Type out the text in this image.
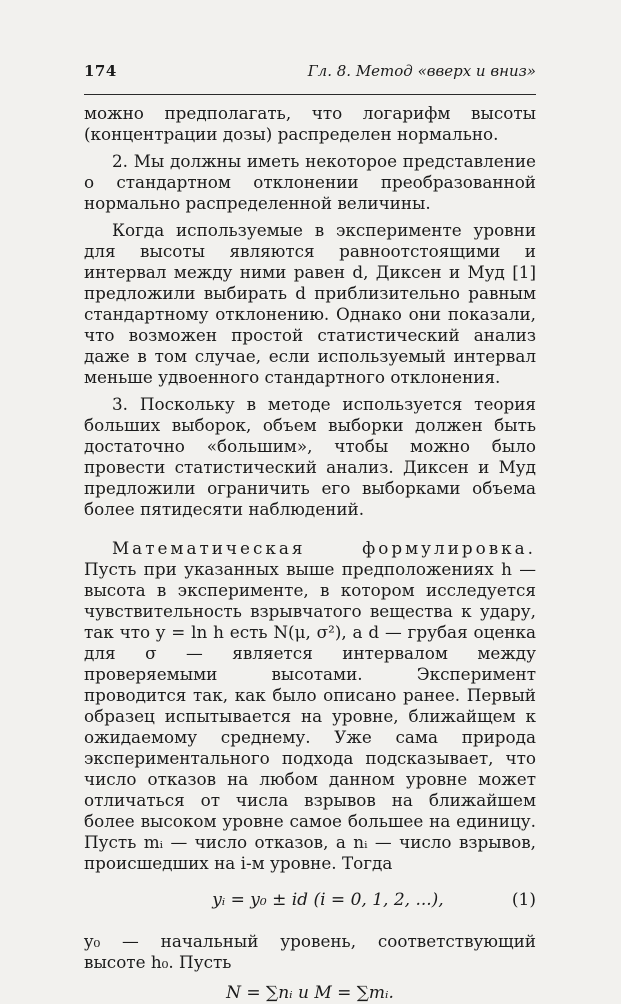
174	Гл. 8. Метод «вверх и вниз»

можно предполагать, что логарифм высоты (концентрации дозы) распределен нормально.

2. Мы должны иметь некоторое представление о стандартном отклонении преобразованной нормально распределенной величины.

Когда используемые в эксперименте уровни для высоты являются равноотстоящими и интервал между ними равен d, Диксен и Муд [1] предложили выбирать d приблизительно равным стандартному отклонению. Однако они показали, что возможен простой статистический анализ даже в том случае, если используемый интервал меньше удвоенного стандартного отклонения.

3. Поскольку в методе используется теория больших выборок, объем выборки должен быть достаточно «большим», чтобы можно было провести статистический анализ. Диксен и Муд предложили ограничить его выборками объема более пятидесяти наблюдений.

Математическая формулировка. Пусть при указанных выше предположениях h — высота в эксперименте, в котором исследуется чувствительность взрывчатого вещества к удару, так что y = ln h есть N(μ, σ²), а d — грубая оценка для σ — является интервалом между проверяемыми высотами. Эксперимент проводится так, как было описано ранее. Первый образец испытывается на уровне, ближайщем к ожидаемому среднему. Уже сама природа экспериментального подхода подсказывает, что число отказов на любом данном уровне может отличаться от числа взрывов на ближайшем более высоком уровне самое большее на единицу. Пусть mᵢ — число отказов, а nᵢ — число взрывов, происшедших на i-м уровне. Тогда

yᵢ = y₀ ± id (i = 0, 1, 2, ...),	(1)

y₀ — начальный уровень, соответствующий высоте h₀. Пусть

N = ∑nᵢ и M = ∑mᵢ.
